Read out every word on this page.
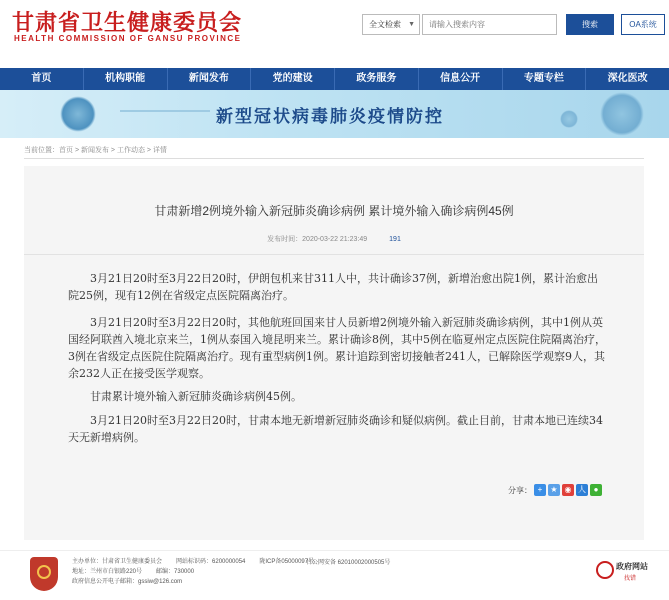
甘肃省卫生健康委员会
HEALTH COMMISSION OF GANSU PROVINCE
全文检索 ▼
请输入搜索内容	搜索	OA系统
首页	机构职能	新闻发布	党的建设	政务服务	信息公开	专题专栏	深化医改
新型冠状病毒肺炎疫情防控
当前位置：首页 > 新闻发布 > 工作动态 > 详情
甘肃新增2例境外输入新冠肺炎确诊病例 累计境外输入确诊病例45例
发布时间：2020-03-22 21:23:49	191

3月21日20时至3月22日20时，伊朗包机来甘311人中，共计确诊37例，新增治愈出院1例，累计治愈出院25例，现有12例在省级定点医院隔离治疗。

3月21日20时至3月22日20时，其他航班回国来甘人员新增2例境外输入新冠肺炎确诊病例，其中1例从英国经阿联酋入境北京来兰，1例从泰国入境昆明来兰。累计确诊8例，其中5例在临夏州定点医院住院隔离治疗，3例在省级定点医院住院隔离治疗。现有重型病例1例。累计追踪到密切接触者241人，已解除医学观察9人，其余232人正在接受医学观察。

甘肃累计境外输入新冠肺炎确诊病例45例。

3月21日20时至3月22日20时，甘肃本地无新增新冠肺炎确诊和疑似病例。截止目前，甘肃本地已连续34天无新增病例。

分享： +	★ ◉ 人 ●
主办单位：甘肃省卫生健康委员会 网站标识码：6200000054 陇ICP备05000097号
地址：兰州市白银路220号 邮编：730000
政府信息公开电子邮箱：gssiw@126.com
甘公网安备 62010002000505号	政府网站
找错
